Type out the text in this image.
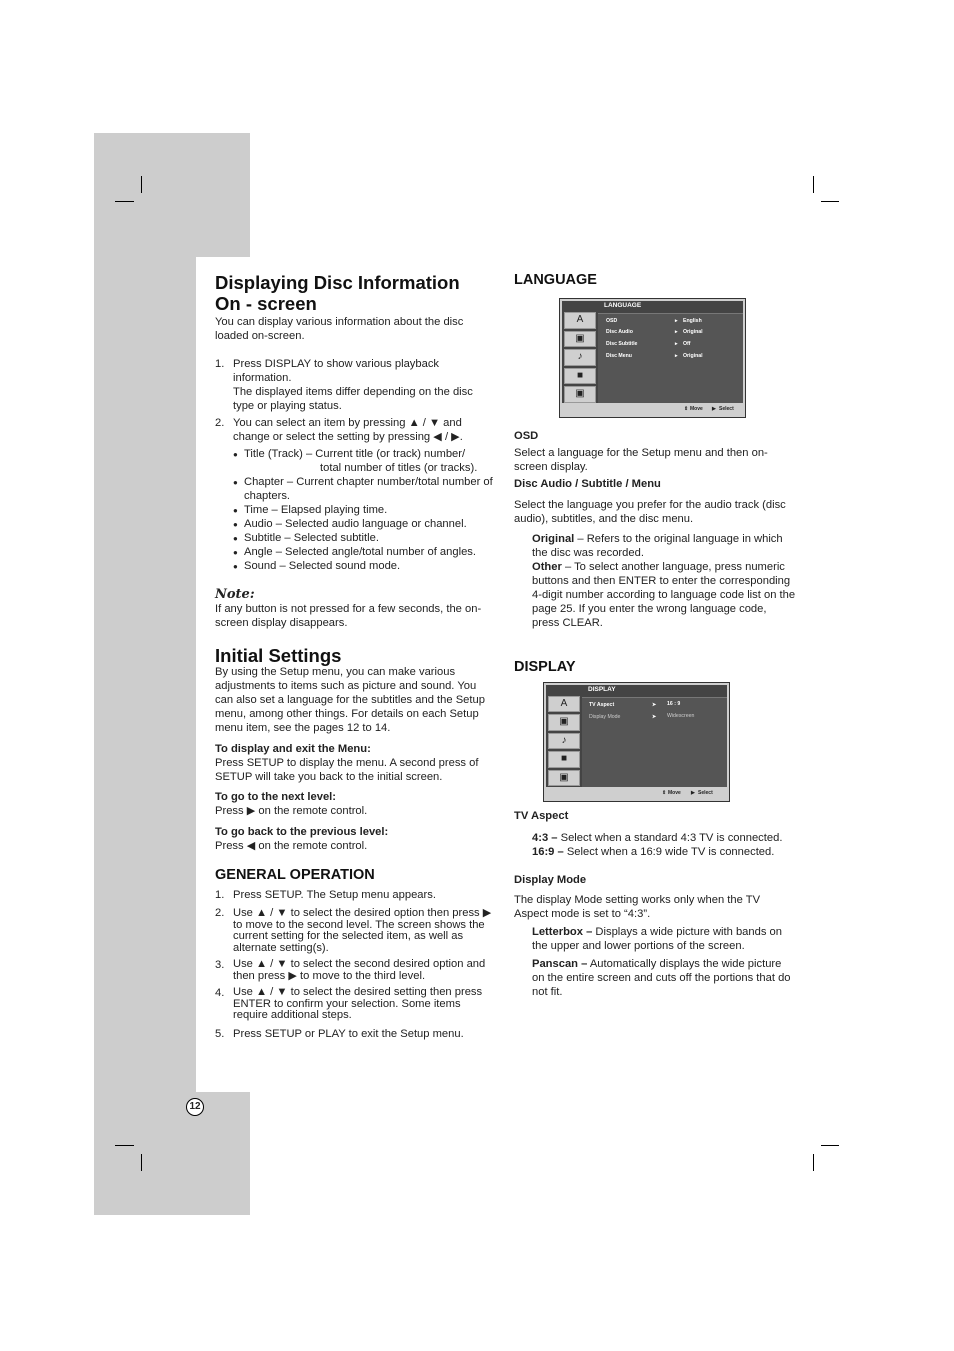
12
Displaying Disc Information
On - screen

You can display various information about the disc loaded on-screen.

1. Press DISPLAY to show various playback information.
The displayed items differ depending on the disc type or playing status.
2. You can select an item by pressing ▲ / ▼ and change or select the setting by pressing ◀ / ▶.
● Title (Track) – Current title (or track) number/
total number of titles (or tracks).
● Chapter – Current chapter number/total number of chapters.
● Time – Elapsed playing time.
● Audio – Selected audio language or channel.
● Subtitle – Selected subtitle.
● Angle – Selected angle/total number of angles.
● Sound – Selected sound mode.
Note:

If any button is not pressed for a few seconds, the on-screen display disappears.

Initial Settings

By using the Setup menu, you can make various adjustments to items such as picture and sound. You can also set a language for the subtitles and the Setup menu, among other things. For details on each Setup menu item, see the pages 12 to 14.

To display and exit the Menu:

Press SETUP to display the menu. A second press of SETUP will take you back to the initial screen.

To go to the next level:

Press ▶ on the remote control.

To go back to the previous level:

Press ◀ on the remote control.

GENERAL OPERATION
1. Press SETUP. The Setup menu appears.
2. Use ▲ / ▼ to select the desired option then press ▶ to move to the second level. The screen shows the current setting for the selected item, as well as alternate setting(s).
3. Use ▲ / ▼ to select the second desired option and then press ▶ to move to the third level.
4. Use ▲ / ▼ to select the desired setting then press ENTER to confirm your selection. Some items require additional steps.
5. Press SETUP or PLAY to exit the Setup menu.
LANGUAGE
LANGUAGE
A
▣
♪
■
▣
OSD	English
Disc Audio	Original
Disc Subtitle	Off
Disc Menu	Original
▸
▸
▸
▸
⇕ Move ▶ Select

OSD

Select a language for the Setup menu and then on-screen display.

Disc Audio / Subtitle / Menu

Select the language you prefer for the audio track (disc audio), subtitles, and the disc menu.

Original – Refers to the original language in which the disc was recorded.

Other – To select another language, press numeric buttons and then ENTER to enter the corresponding 4-digit number according to language code list on the page 25. If you enter the wrong language code, press CLEAR.

DISPLAY
DISPLAY
A
▣
♪
■
▣
TV Aspect	16 : 9
Display Mode	Widescreen
➤
➤
⇕ Move ▶ Select

TV Aspect

4:3 – Select when a standard 4:3 TV is connected.

16:9 – Select when a 16:9 wide TV is connected.

Display Mode

The display Mode setting works only when the TV Aspect mode is set to “4:3”.

Letterbox – Displays a wide picture with bands on the upper and lower portions of the screen.

Panscan – Automatically displays the wide picture on the entire screen and cuts off the portions that do not fit.
